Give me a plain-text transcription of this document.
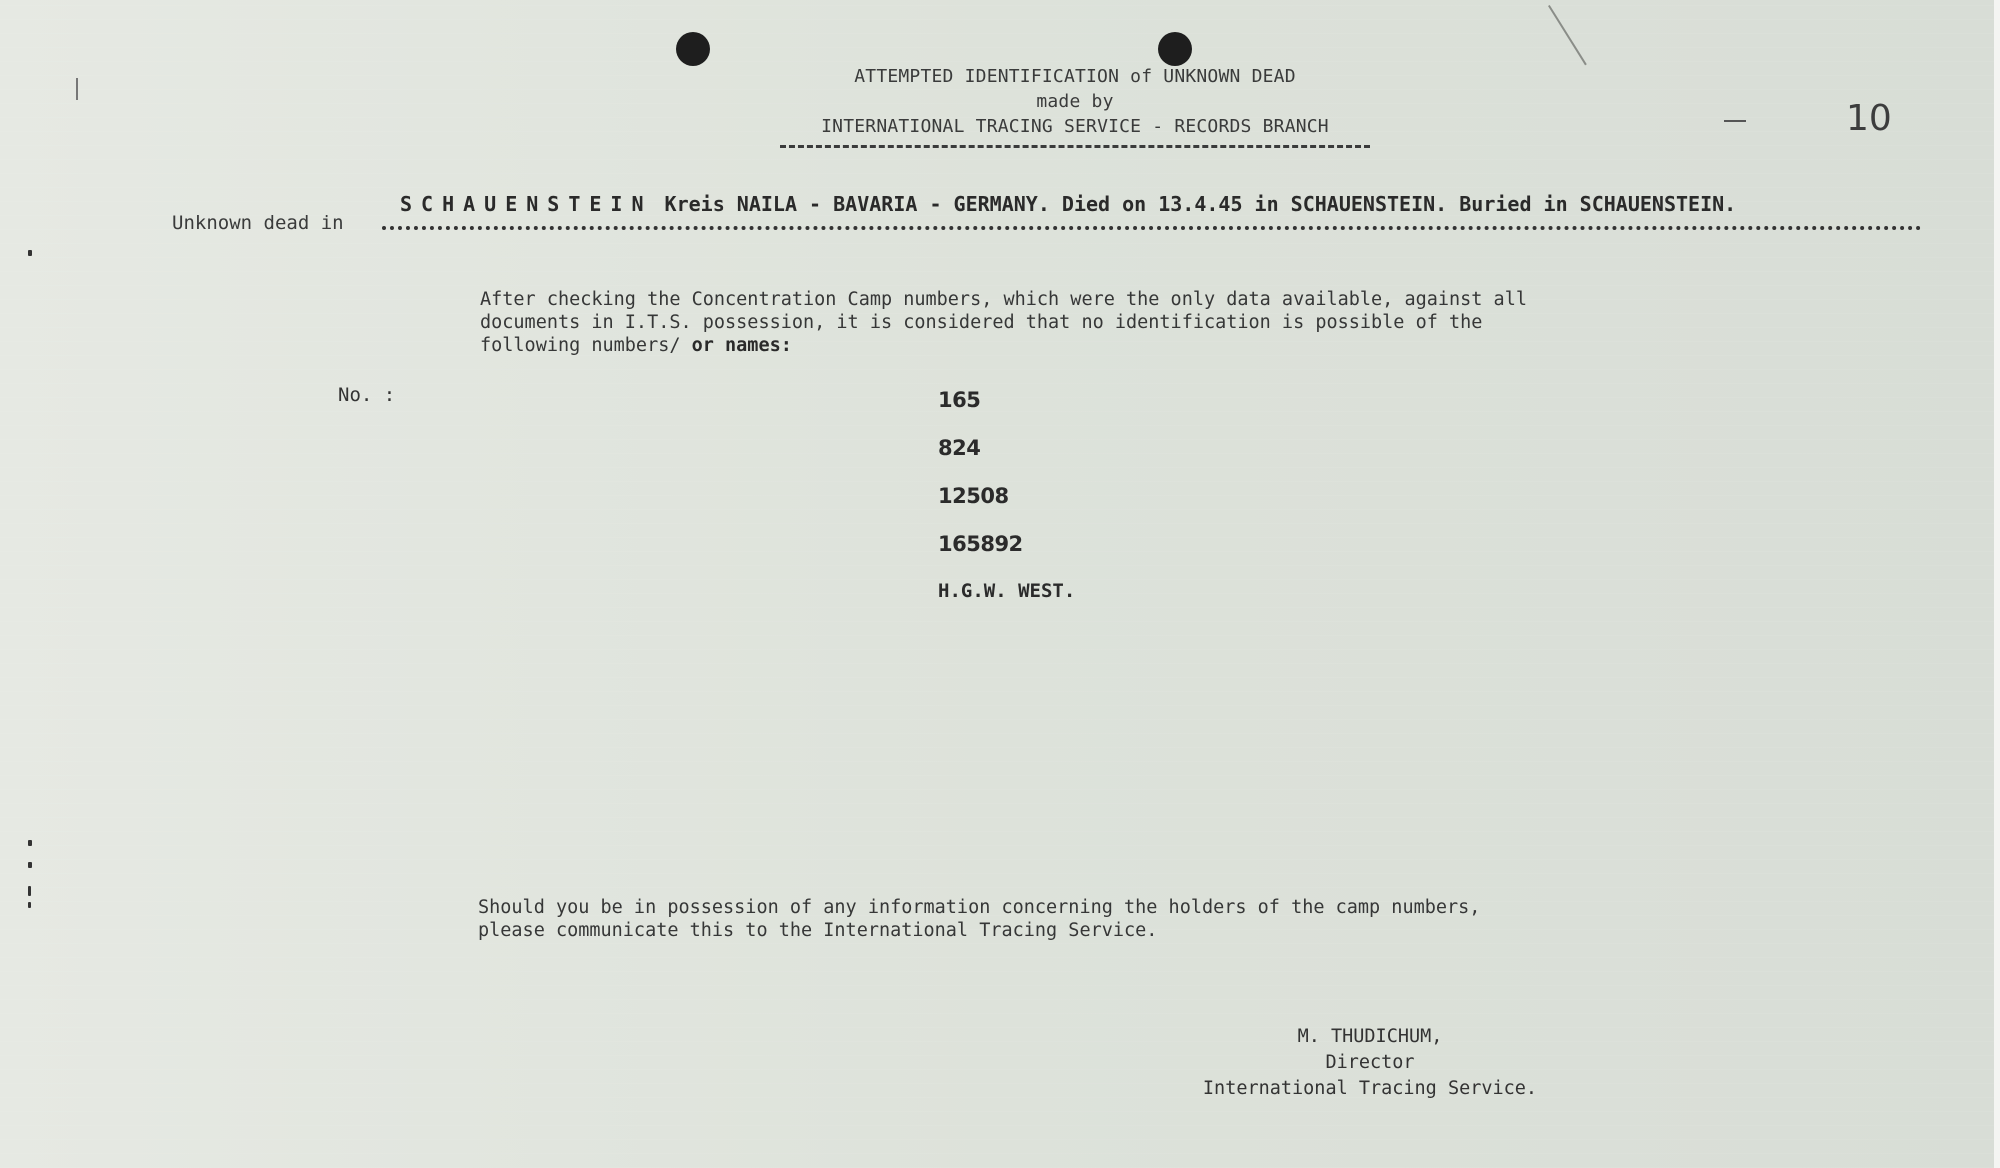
ATTEMPTED IDENTIFICATION of UNKNOWN DEAD
made by
INTERNATIONAL TRACING SERVICE - RECORDS BRANCH	10
Unknown dead in
SCHAUENSTEIN Kreis NAILA - BAVARIA - GERMANY. Died on 13.4.45 in SCHAUENSTEIN. Buried in SCHAUENSTEIN.
After checking the Concentration Camp numbers, which were the only data available, against all
documents in I.T.S. possession, it is considered that no identification is possible of the
following numbers/ or names:
No. :	165
824
12508
165892
H.G.W. WEST.
Should you be in possession of any information concerning the holders of the camp numbers,
please communicate this to the International Tracing Service.
M. THUDICHUM,
Director
International Tracing Service.
